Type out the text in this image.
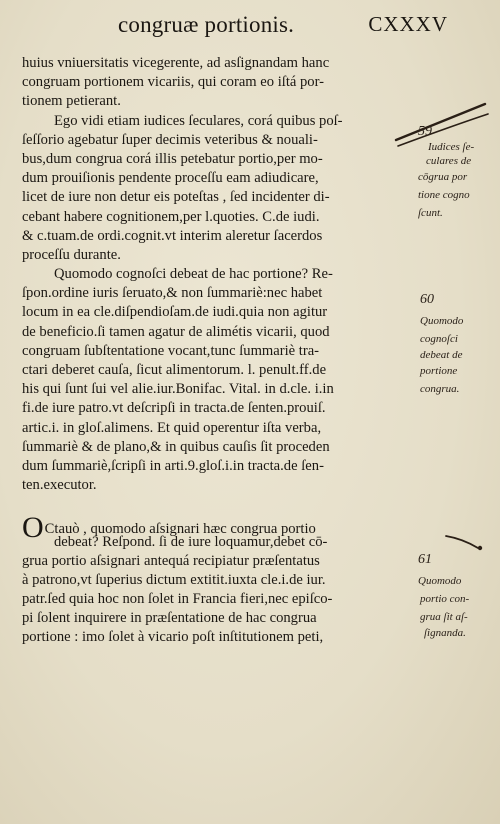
congruæ portionis.	CXXXV
huius vniuersitatis vicegerente, ad asſignandam hanc
congruam portionem vicariis, qui coram eo iſtá por-
tionem petierant.
Ego vidi etiam iudices ſeculares, corá quibus poſ-
ſeſſorio agebatur ſuper decimis veteribus & nouali-
bus,dum congrua corá illis petebatur portio,per mo-
dum prouiſionis pendente proceſſu eam adiudicare,
licet de iure non detur eis poteſtas , ſed incidenter di-
cebant habere cognitionem,per l.quoties. C.de iudi.
& c.tuam.de ordi.cognit.vt interim aleretur ſacerdos
proceſſu durante.
Quomodo cognoſci debeat de hac portione? Re-
ſpon.ordine iuris ſeruato,& non ſummariè:nec habet
locum in ea cle.diſpendioſam.de iudi.quia non agitur
de beneficio.ſi tamen agatur de alimétis vicarii, quod
congruam ſubſtentatione vocant,tunc ſummariè tra-
ctari deberet cauſa, ſicut alimentorum. l. penult.ff.de
his qui ſunt ſui vel alie.iur.Bonifac. Vital. in d.cle. i.in
fi.de iure patro.vt deſcripſi in tracta.de ſenten.prouiſ.
artic.i. in gloſ.alimens. Et quid operentur iſta verba,
ſummariè & de plano,& in quibus cauſis ſit proceden
dum ſummariè,ſcripſi in arti.9.gloſ.i.in tracta.de ſen-
ten.executor.
OCtauò , quomodo aſsignari hæc congrua portio
debeat? Reſpond. ſi de iure loquamur,debet cō-
grua portio aſsignari antequá recipiatur præſentatus
à patrono,vt ſuperius dictum extitit.iuxta cle.i.de iur.
patr.ſed quia hoc non ſolet in Francia fieri,nec epiſco-
pi ſolent inquirere in præſentatione de hac congrua
portione : imo ſolet à vicario poſt inſtitutionem peti,
59
Iudices ſe-
culares de
cōgrua por
tione cogno
ſcunt.
60
Quomodo
cognoſci
debeat de
portione
congrua.
61
Quomodo
portio con-
grua ſit aſ-
ſignanda.
